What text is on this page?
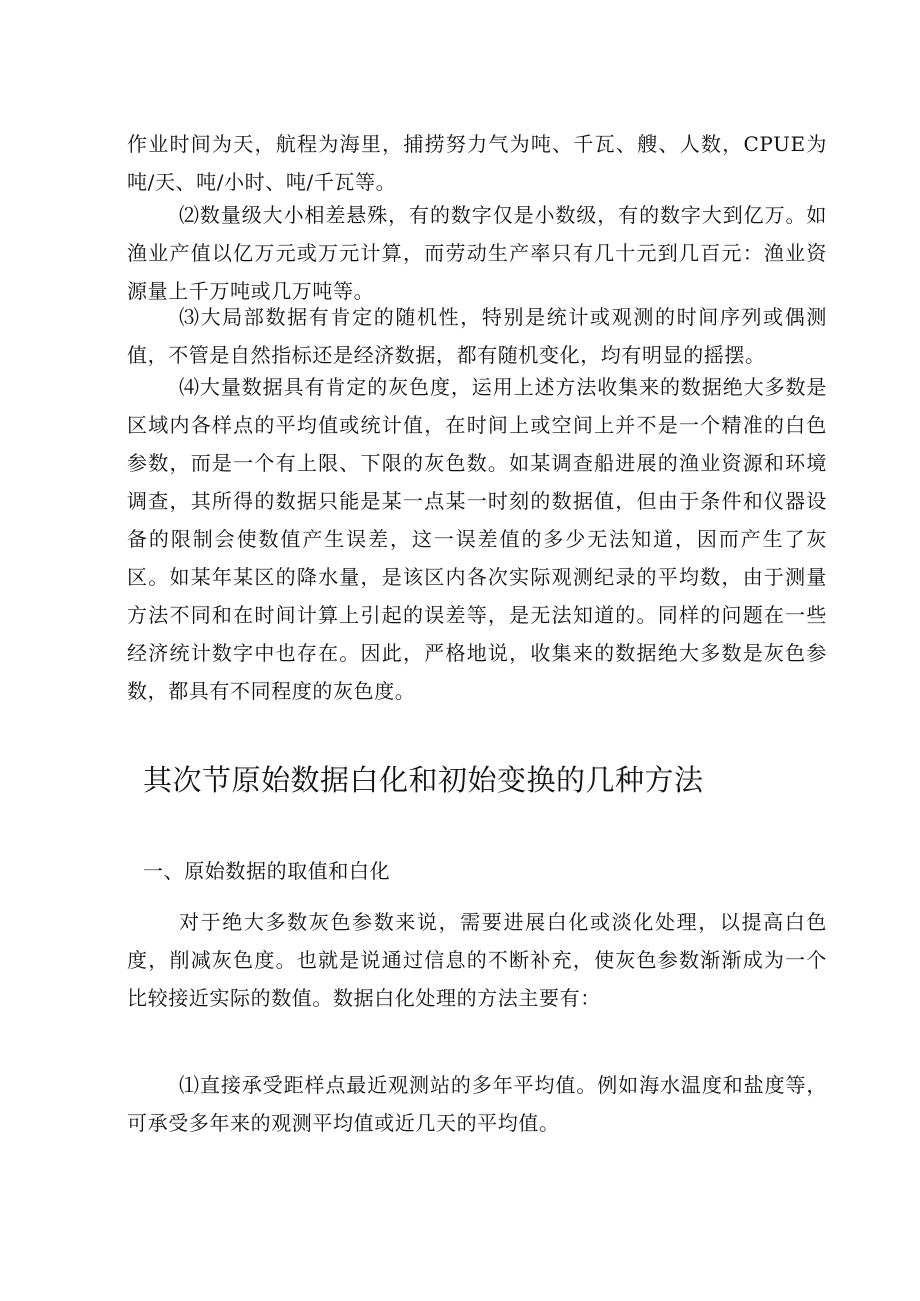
作业时间为天，航程为海里，捕捞努力气为吨、千瓦、艘、人数，CPUE为吨/天、吨/小时、吨/千瓦等。

⑵数量级大小相差悬殊，有的数字仅是小数级，有的数字大到亿万。如渔业产值以亿万元或万元计算，而劳动生产率只有几十元到几百元：渔业资源量上千万吨或几万吨等。

⑶大局部数据有肯定的随机性，特别是统计或观测的时间序列或偶测值，不管是自然指标还是经济数据，都有随机变化，均有明显的摇摆。

⑷大量数据具有肯定的灰色度，运用上述方法收集来的数据绝大多数是区域内各样点的平均值或统计值，在时间上或空间上并不是一个精准的白色参数，而是一个有上限、下限的灰色数。如某调查船进展的渔业资源和环境调查，其所得的数据只能是某一点某一时刻的数据值，但由于条件和仪器设备的限制会使数值产生误差，这一误差值的多少无法知道，因而产生了灰区。如某年某区的降水量，是该区内各次实际观测纪录的平均数，由于测量方法不同和在时间计算上引起的误差等，是无法知道的。同样的问题在一些经济统计数字中也存在。因此，严格地说，收集来的数据绝大多数是灰色参数，都具有不同程度的灰色度。

其次节原始数据白化和初始变换的几种方法

一、原始数据的取值和白化

对于绝大多数灰色参数来说，需要进展白化或淡化处理，以提高白色度，削减灰色度。也就是说通过信息的不断补充，使灰色参数渐渐成为一个比较接近实际的数值。数据白化处理的方法主要有：

⑴直接承受距样点最近观测站的多年平均值。例如海水温度和盐度等，可承受多年来的观测平均值或近几天的平均值。
